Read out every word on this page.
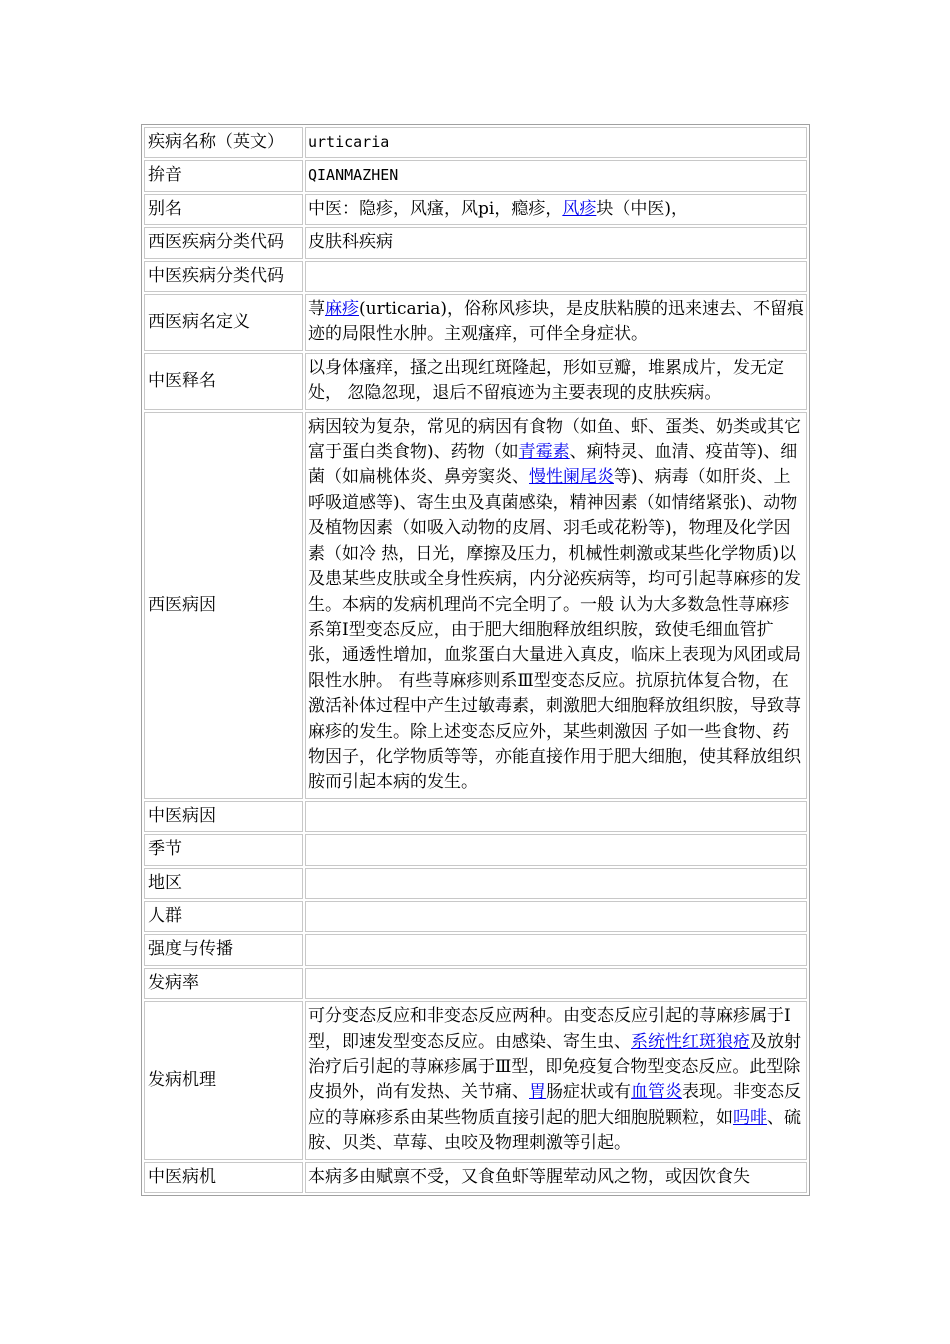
疾病名称（英文）	urticaria
拚音	QIANMAZHEN
别名	中医：隐疹，风瘙，风pi，瘾疹，风疹块（中医)，
西医疾病分类代码	皮肤科疾病
中医疾病分类代码	
西医病名定义	荨麻疹(urticaria)，俗称风疹块，是皮肤粘膜的迅来速去、不留痕迹的局限性水肿。主观瘙痒，可伴全身症状。
中医释名	以身体瘙痒，搔之出现红斑隆起，形如豆瓣，堆累成片，发无定处， 忽隐忽现，退后不留痕迹为主要表现的皮肤疾病。
西医病因	病因较为复杂，常见的病因有食物（如鱼、虾、蛋类、奶类或其它富于蛋白类食物)、药物（如青霉素、痢特灵、血清、疫苗等)、细菌（如扁桃体炎、鼻旁窦炎、慢性阑尾炎等)、病毒（如肝炎、上呼吸道感等)、寄生虫及真菌感染，精神因素（如情绪紧张)、动物及植物因素（如吸入动物的皮屑、羽毛或花粉等)，物理及化学因素（如冷 热，日光，摩擦及压力，机械性刺激或某些化学物质)以及患某些皮肤或全身性疾病，内分泌疾病等，均可引起荨麻疹的发生。本病的发病机理尚不完全明了。一般 认为大多数急性荨麻疹系第Ⅰ型变态反应，由于肥大细胞释放组织胺，致使毛细血管扩张，通透性增加，血浆蛋白大量进入真皮，临床上表现为风团或局限性水肿。 有些荨麻疹则系Ⅲ型变态反应。抗原抗体复合物，在激活补体过程中产生过敏毒素，刺激肥大细胞释放组织胺，导致荨麻疹的发生。除上述变态反应外，某些刺激因 子如一些食物、药物因子，化学物质等等，亦能直接作用于肥大细胞，使其释放组织胺而引起本病的发生。
中医病因	
季节	
地区	
人群	
强度与传播	
发病率	
发病机理	可分变态反应和非变态反应两种。由变态反应引起的荨麻疹属于Ⅰ型，即速发型变态反应。由感染、寄生虫、系统性红斑狼疮及放射治疗后引起的荨麻疹属于Ⅲ型，即免疫复合物型变态反应。此型除皮损外，尚有发热、关节痛、胃肠症状或有血管炎表现。非变态反应的荨麻疹系由某些物质直接引起的肥大细胞脱颗粒，如吗啡、硫胺、贝类、草莓、虫咬及物理刺激等引起。
中医病机	本病多由赋禀不受，又食鱼虾等腥荤动风之物，或因饮食失
